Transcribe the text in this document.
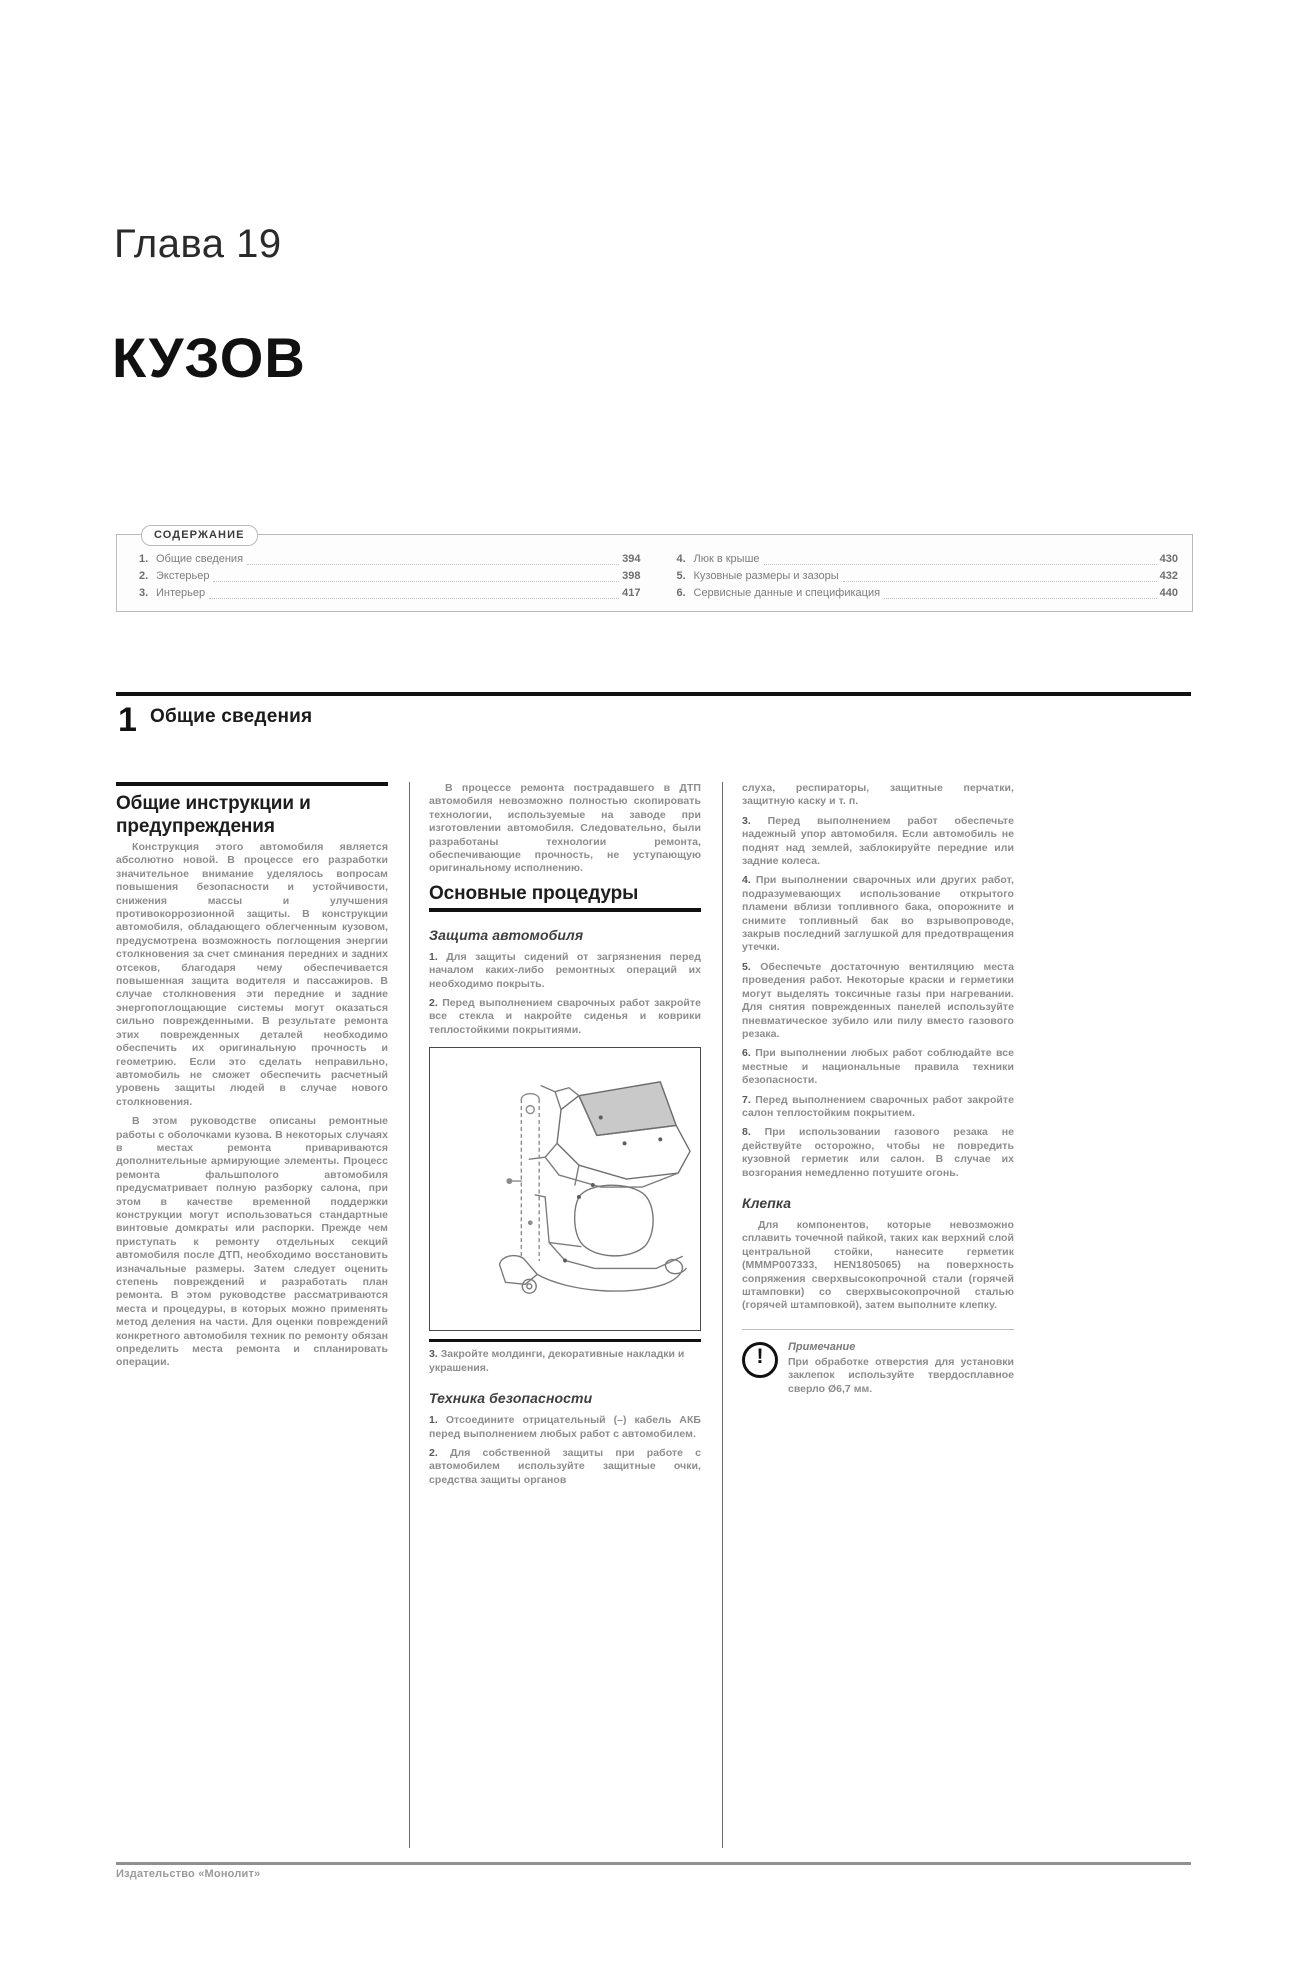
Глава 19
КУЗОВ
СОДЕРЖАНИЕ
1. Общие сведения	394
2. Экстерьер	398
3. Интерьер	417
4. Люк в крыше	430
5. Кузовные размеры и зазоры	432
6. Сервисные данные и спецификация	440
1 Общие сведения
Общие инструкции и предупреждения

Конструкция этого автомобиля является абсолютно новой. В процессе его разработки значительное внимание уделялось вопросам повышения безопасности и устойчивости, снижения массы и улучшения противокоррозионной защиты. В конструкции автомобиля, обладающего облегченным кузовом, предусмотрена возможность поглощения энергии столкновения за счет сминания передних и задних отсеков, благодаря чему обеспечивается повышенная защита водителя и пассажиров. В случае столкновения эти передние и задние энергопоглощающие системы могут оказаться сильно поврежденными. В результате ремонта этих поврежденных деталей необходимо обеспечить их оригинальную прочность и геометрию. Если это сделать неправильно, автомобиль не сможет обеспечить расчетный уровень защиты людей в случае нового столкновения.

В этом руководстве описаны ремонтные работы с оболочками кузова. В некоторых случаях в местах ремонта привариваются дополнительные армирующие элементы. Процесс ремонта фальшполого автомобиля предусматривает полную разборку салона, при этом в качестве временной поддержки конструкции могут использоваться стандартные винтовые домкраты или распорки. Прежде чем приступать к ремонту отдельных секций автомобиля после ДТП, необходимо восстановить изначальные размеры. Затем следует оценить степень повреждений и разработать план ремонта. В этом руководстве рассматриваются места и процедуры, в которых можно применять метод деления на части. Для оценки повреждений конкретного автомобиля техник по ремонту обязан определить места ремонта и спланировать операции.

В процессе ремонта пострадавшего в ДТП автомобиля невозможно полностью скопировать технологии, используемые на заводе при изготовлении автомобиля. Следовательно, были разработаны технологии ремонта, обеспечивающие прочность, не уступающую оригинальному исполнению.

Основные процедуры
Защита автомобиля

1. Для защиты сидений от загрязнения перед началом каких-либо ремонтных операций их необходимо покрыть.

2. Перед выполнением сварочных работ закройте все стекла и накройте сиденья и коврики теплостойкими покрытиями.

3. Закройте молдинги, декоративные накладки и украшения.
Техника безопасности

1. Отсоедините отрицательный (–) кабель АКБ перед выполнением любых работ с автомобилем.

2. Для собственной защиты при работе с автомобилем используйте защитные очки, средства защиты органов

слуха, респираторы, защитные перчатки, защитную каску и т. п.

3. Перед выполнением работ обеспечьте надежный упор автомобиля. Если автомобиль не поднят над землей, заблокируйте передние или задние колеса.

4. При выполнении сварочных или других работ, подразумевающих использование открытого пламени вблизи топливного бака, опорожните и снимите топливный бак во взрывопроводе, закрыв последний заглушкой для предотвращения утечки.

5. Обеспечьте достаточную вентиляцию места проведения работ. Некоторые краски и герметики могут выделять токсичные газы при нагревании. Для снятия поврежденных панелей используйте пневматическое зубило или пилу вместо газового резака.

6. При выполнении любых работ соблюдайте все местные и национальные правила техники безопасности.

7. Перед выполнением сварочных работ закройте салон теплостойким покрытием.

8. При использовании газового резака не действуйте осторожно, чтобы не повредить кузовной герметик или салон. В случае их возгорания немедленно потушите огонь.

Клепка

Для компонентов, которые невозможно сплавить точечной пайкой, таких как верхний слой центральной стойки, нанесите герметик (MMMP007333, HEN1805065) на поверхность сопряжения сверхвысокопрочной стали (горячей штамповки) со сверхвысокопрочной сталью (горячей штамповкой), затем выполните клепку.

!
Примечание
При обработке отверстия для установки заклепок используйте твердосплавное сверло Ø6,7 мм.
Издательство «Монолит»
